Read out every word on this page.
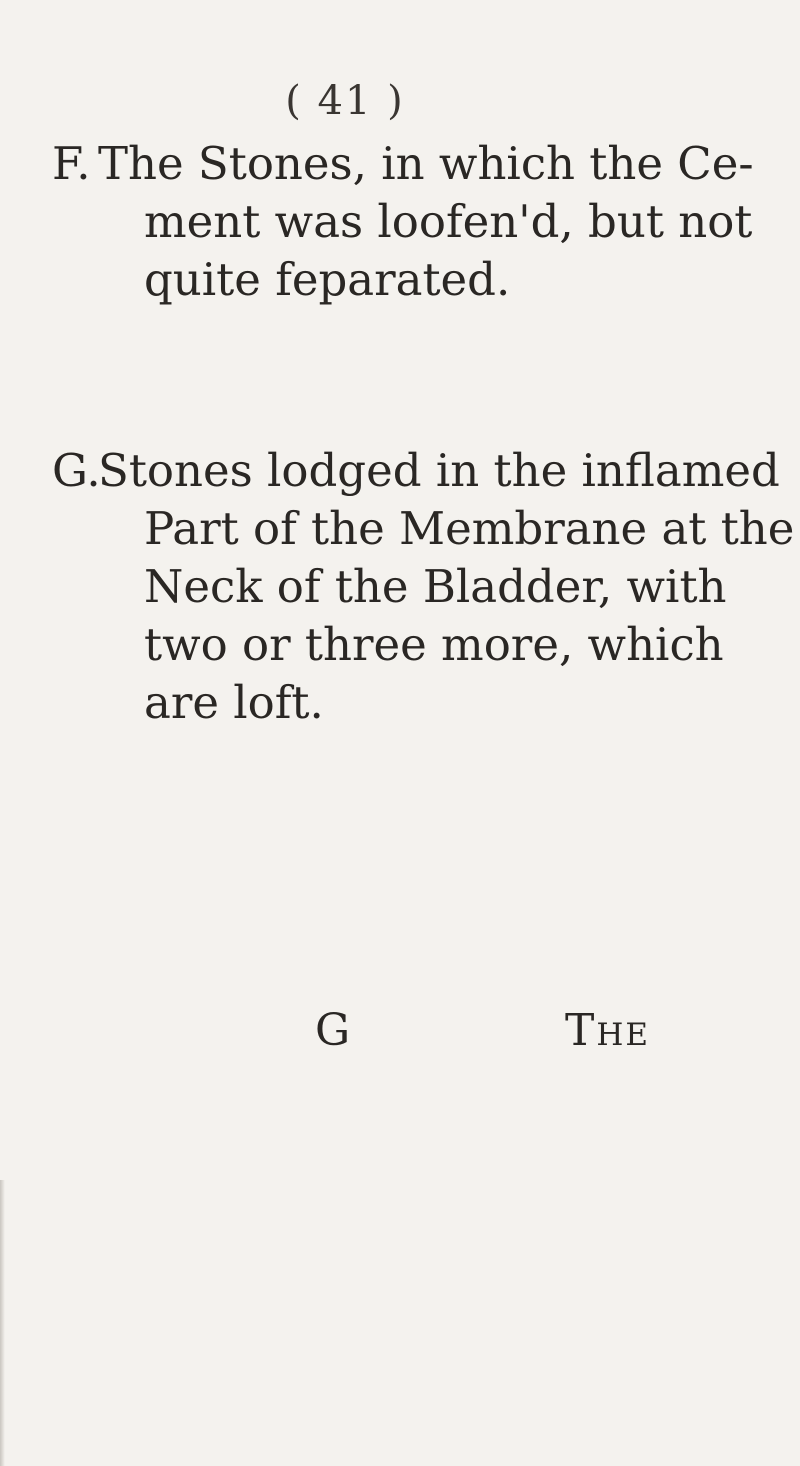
( 41 )
F. The Stones, in which the Ce-
ment was loofen'd, but not
quite feparated.
G.
Stones lodged in the inflamed
Part of the Membrane at the
Neck of the Bladder, with
two or three more, which
are loft.
G	The
